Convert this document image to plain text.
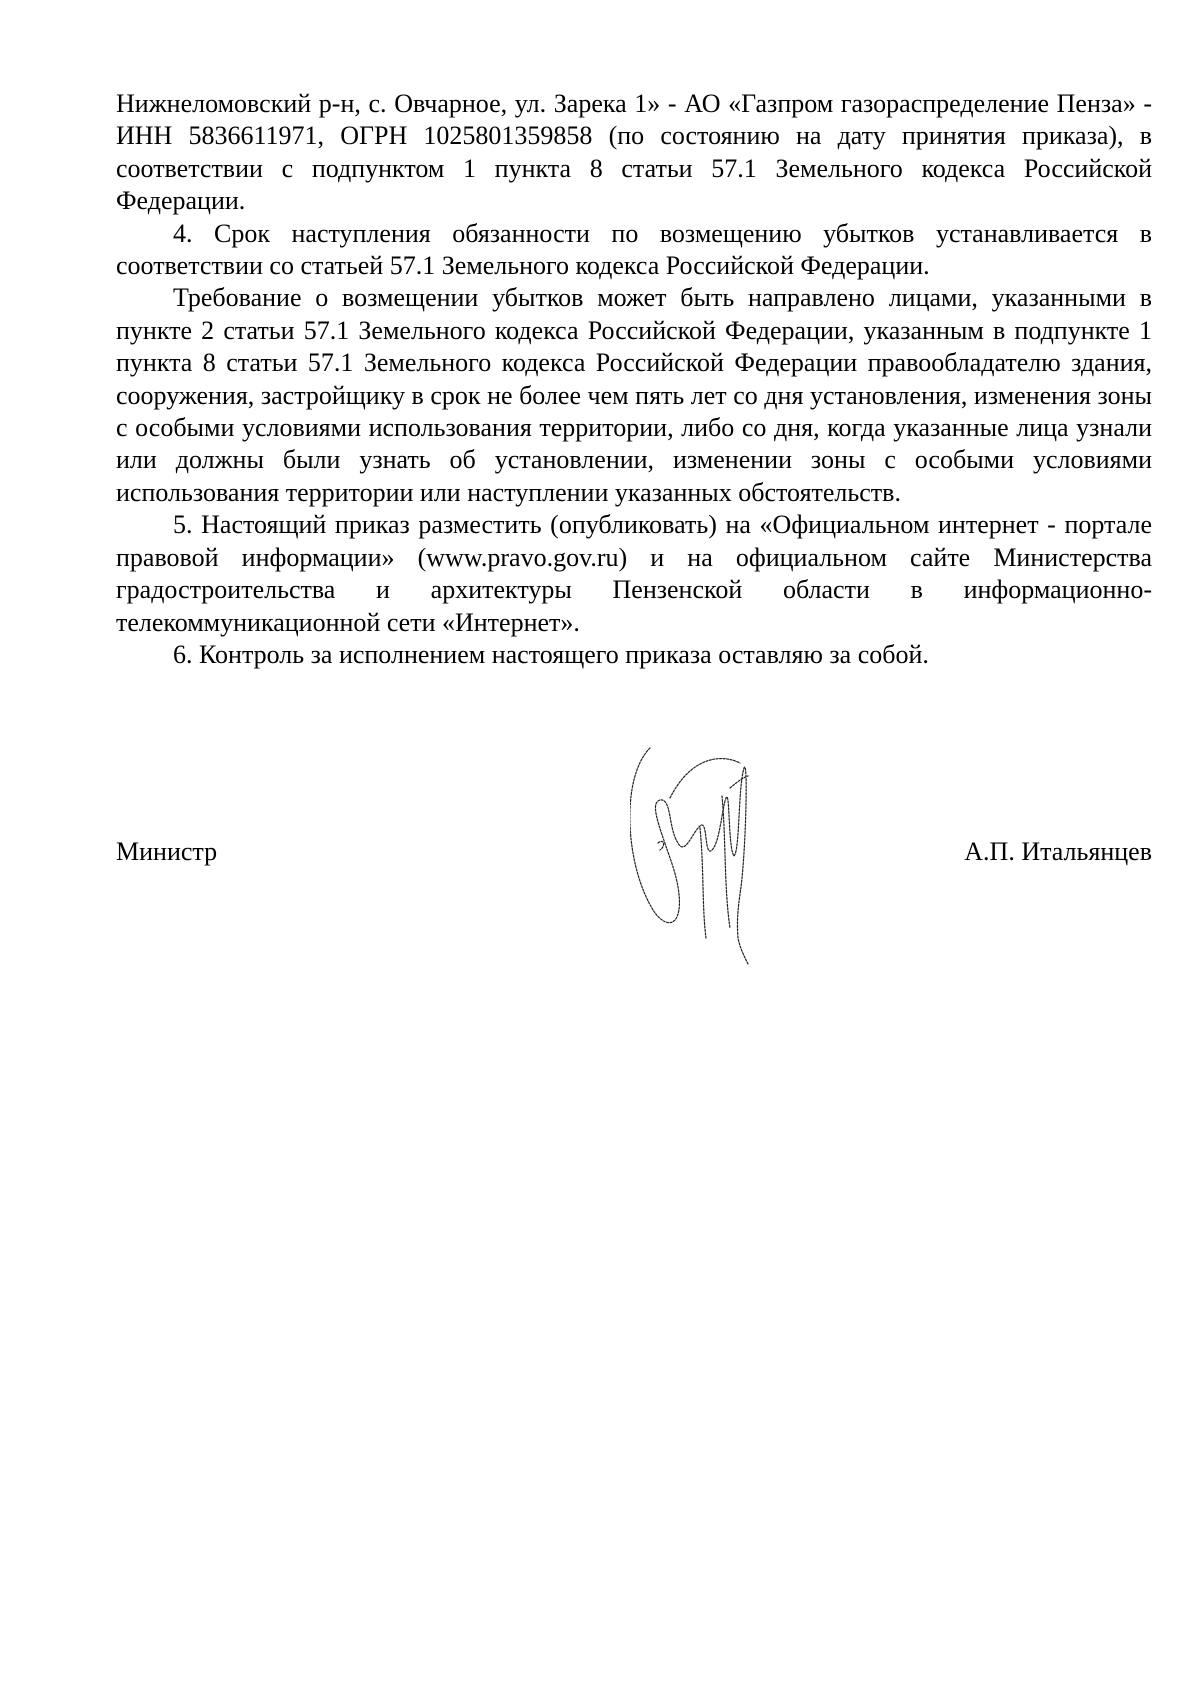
Нижнеломовский р-н, с. Овчарное, ул. Зарека 1» - АО «Газпром газораспределение Пенза» - ИНН 5836611971, ОГРН 1025801359858 (по состоянию на дату принятия приказа), в соответствии с подпунктом 1 пункта 8 статьи 57.1 Земельного кодекса Российской Федерации.

4. Срок наступления обязанности по возмещению убытков устанавливается в соответствии со статьей 57.1 Земельного кодекса Российской Федерации.

Требование о возмещении убытков может быть направлено лицами, указанными в пункте 2 статьи 57.1 Земельного кодекса Российской Федерации, указанным в подпункте 1 пункта 8 статьи 57.1 Земельного кодекса Российской Федерации правообладателю здания, сооружения, застройщику в срок не более чем пять лет со дня установления, изменения зоны с особыми условиями использования территории, либо со дня, когда указанные лица узнали или должны были узнать об установлении, изменении зоны с особыми условиями использования территории или наступлении указанных обстоятельств.

5. Настоящий приказ разместить (опубликовать) на «Официальном интернет - портале правовой информации» (www.pravo.gov.ru) и на официальном сайте Министерства градостроительства и архитектуры Пензенской области в информационно-телекоммуникационной сети «Интернет».

6. Контроль за исполнением настоящего приказа оставляю за собой.

Министр	А.П. Итальянцев
